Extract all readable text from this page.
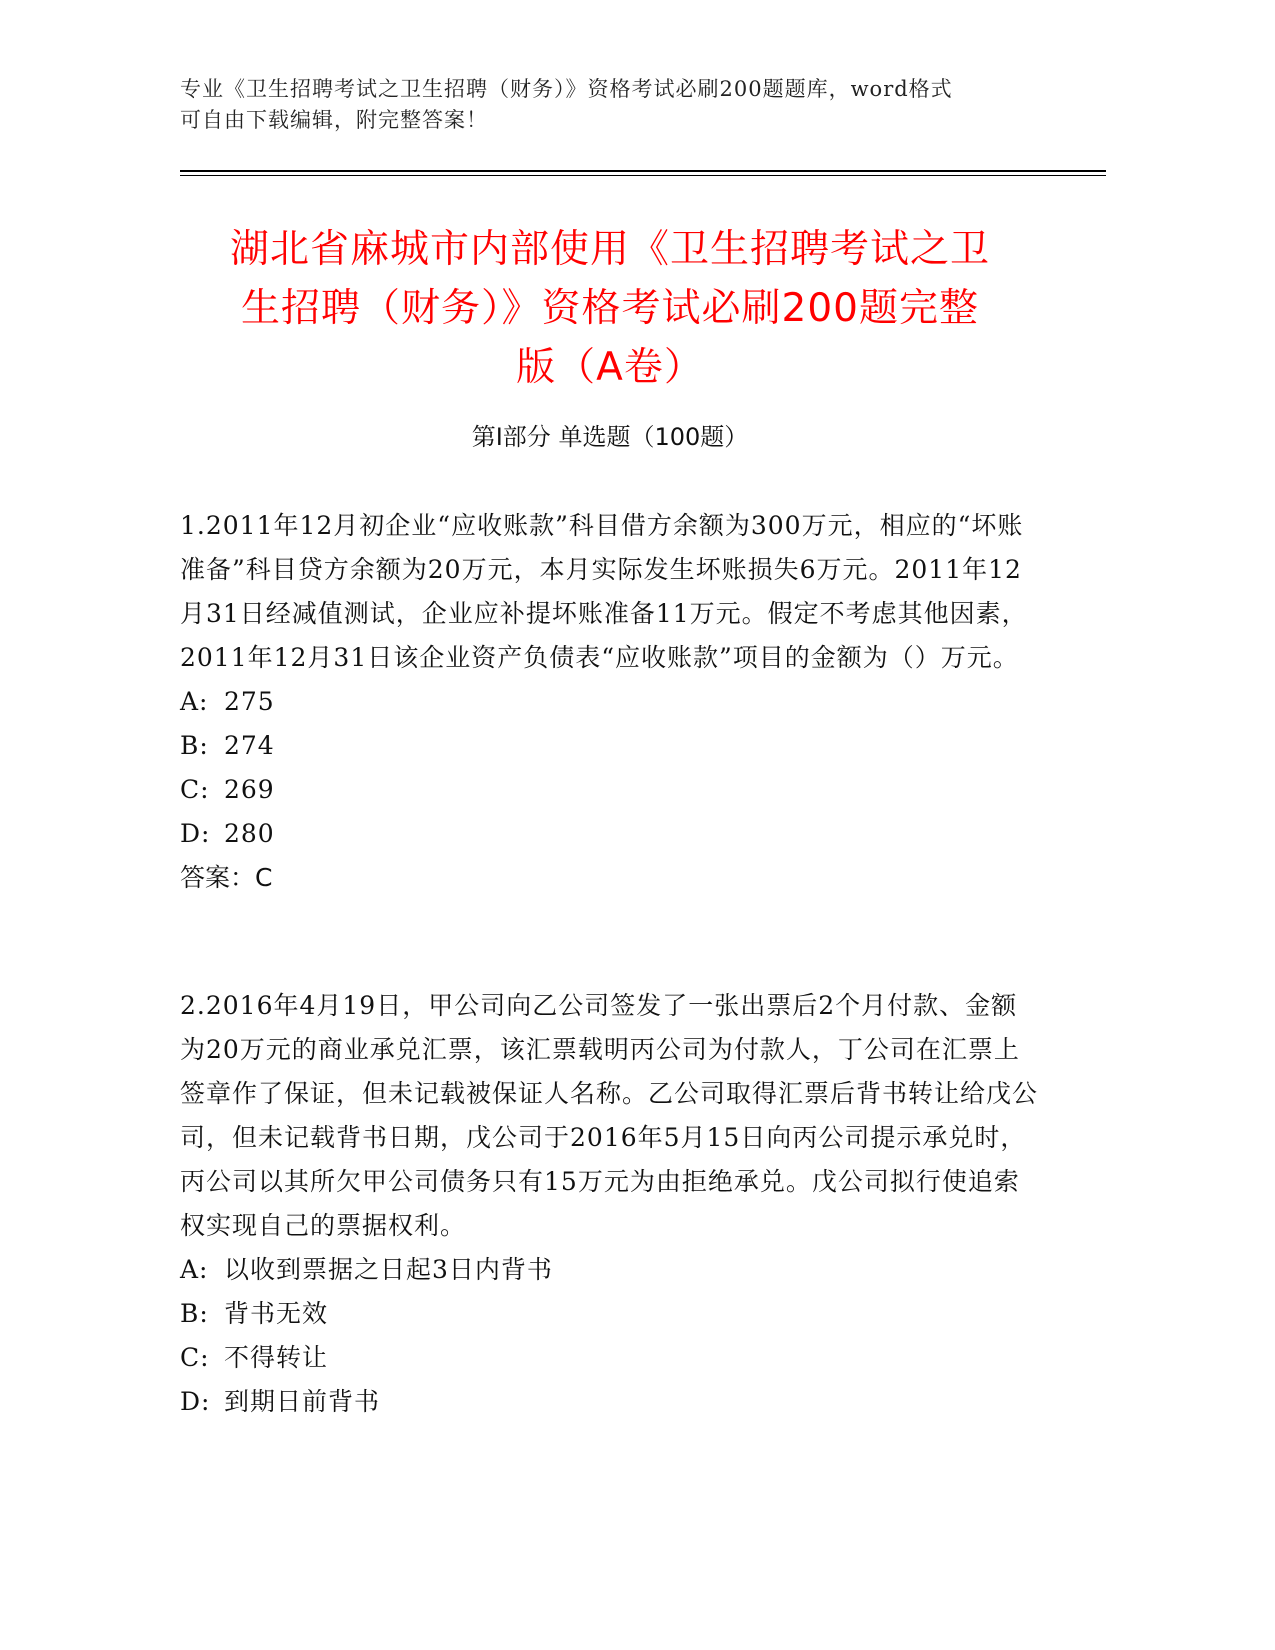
专业《卫生招聘考试之卫生招聘（财务）》资格考试必刷200题题库，word格式
可自由下载编辑，附完整答案！
湖北省麻城市内部使用《卫生招聘考试之卫
生招聘（财务）》资格考试必刷200题完整
版（A卷）
第Ⅰ部分 单选题（100题）

1.2011年12月初企业“应收账款”科目借方余额为300万元，相应的“坏账准备”科目贷方余额为20万元，本月实际发生坏账损失6万元。2011年12月31日经减值测试，企业应补提坏账准备11万元。假定不考虑其他因素，2011年12月31日该企业资产负债表“应收账款”项目的金额为（）万元。

A: 275
B: 274
C: 269
D: 280

答案：C

2.2016年4月19日，甲公司向乙公司签发了一张出票后2个月付款、金额为20万元的商业承兑汇票，该汇票载明丙公司为付款人，丁公司在汇票上签章作了保证，但未记载被保证人名称。乙公司取得汇票后背书转让给戊公司，但未记载背书日期，戊公司于2016年5月15日向丙公司提示承兑时，丙公司以其所欠甲公司债务只有15万元为由拒绝承兑。戊公司拟行使追索权实现自己的票据权利。

A: 以收到票据之日起3日内背书
B: 背书无效
C: 不得转让
D: 到期日前背书
